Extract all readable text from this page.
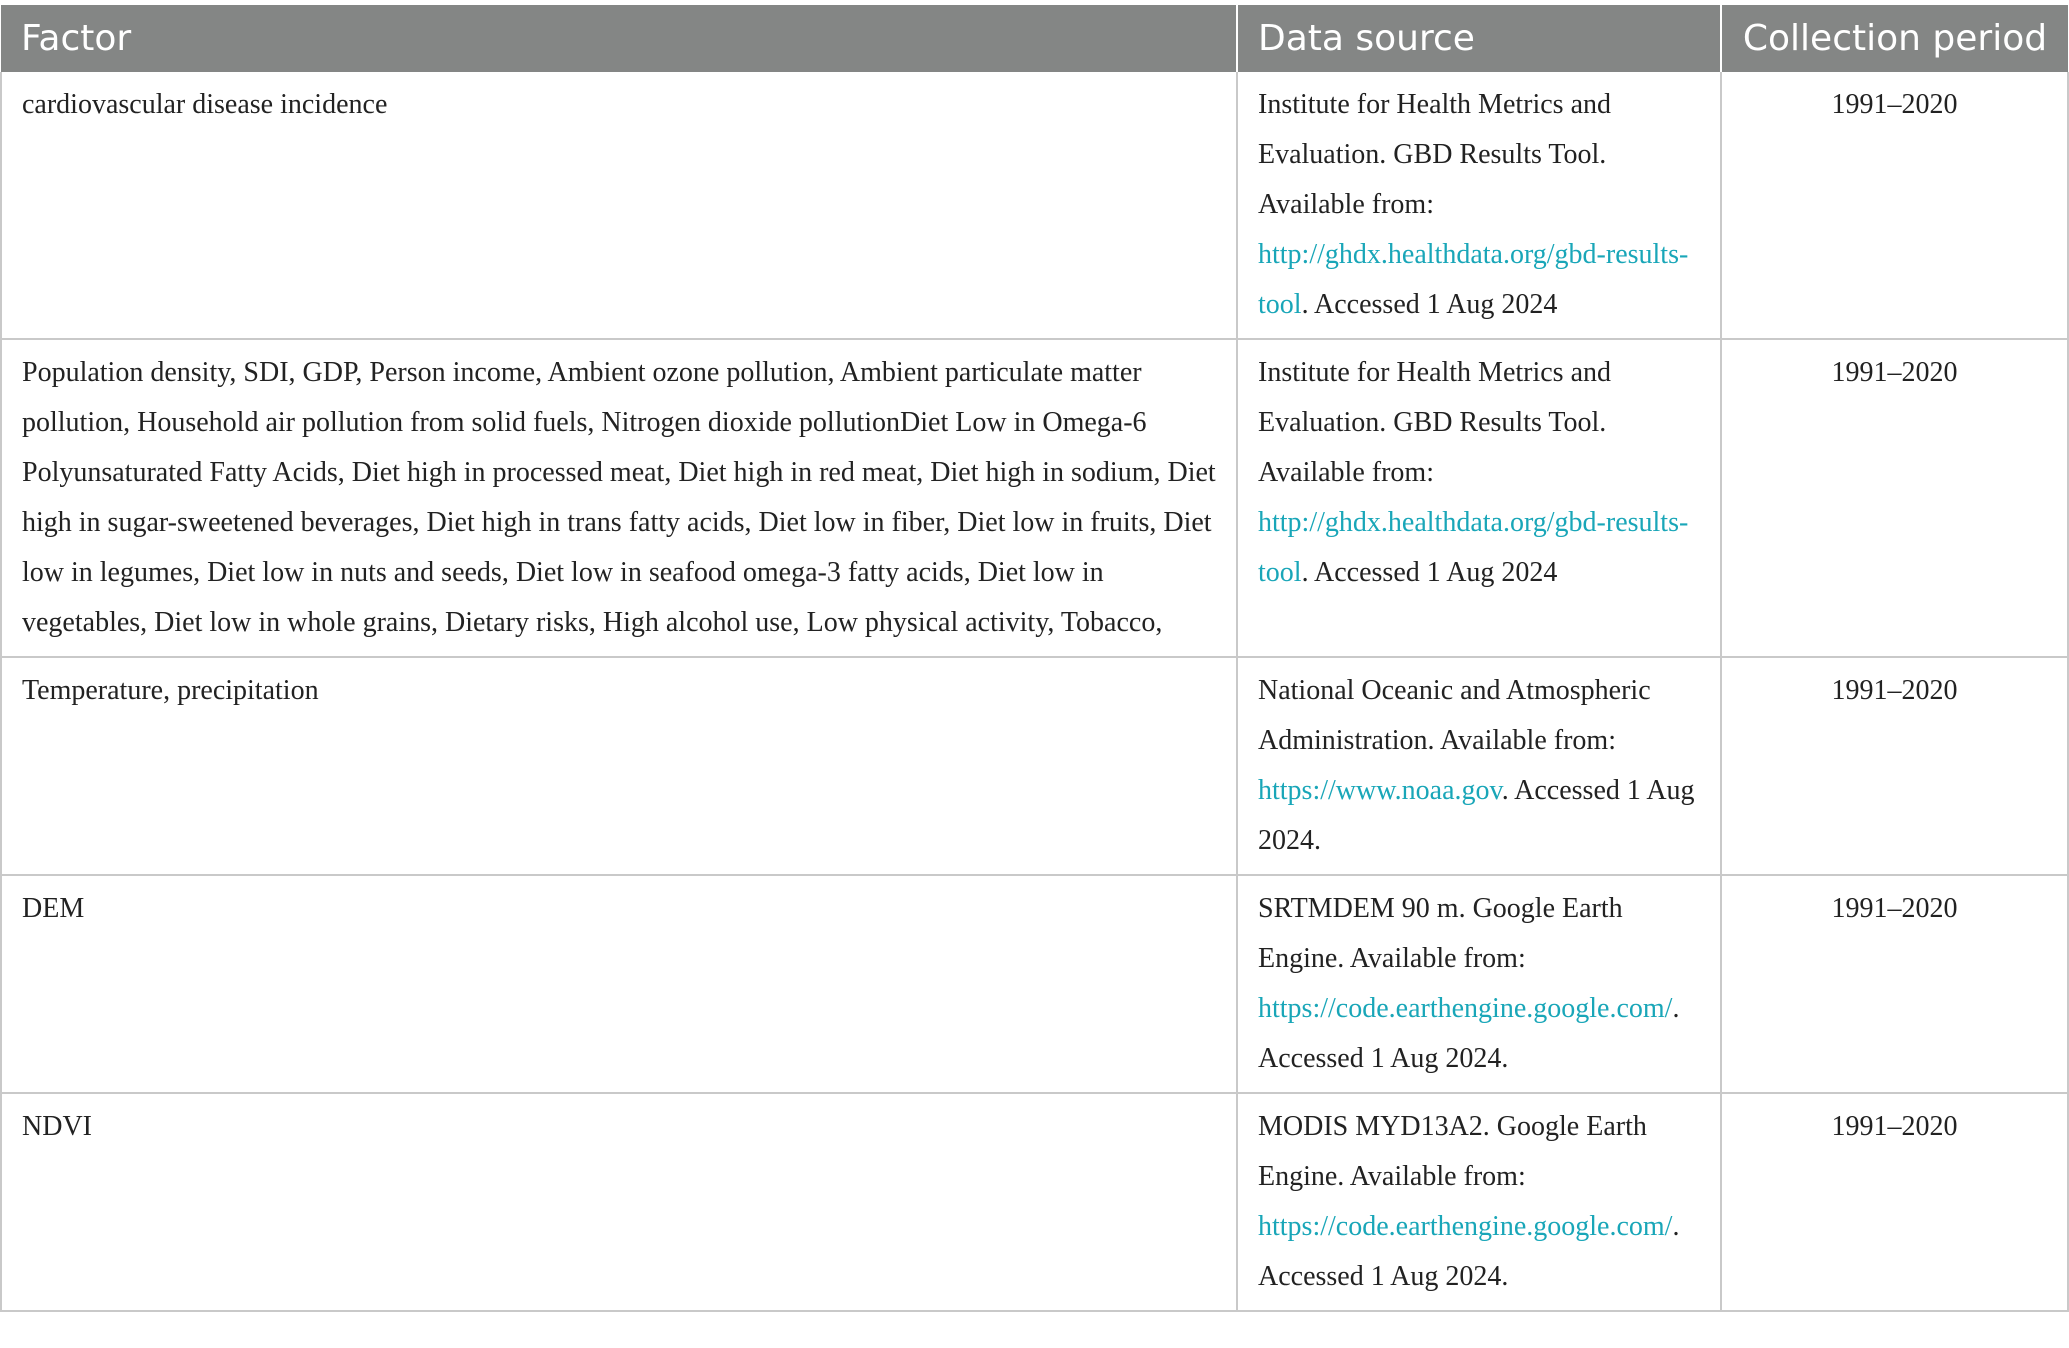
Factor	Data source	Collection period
cardiovascular disease incidence	Institute for Health Metrics and Evaluation. GBD Results Tool. Available from: http://ghdx.healthdata.org/gbd-results-tool. Accessed 1 Aug 2024	1991–2020
Population density, SDI, GDP, Person income, Ambient ozone pollution, Ambient particulate matter pollution, Household air pollution from solid fuels, Nitrogen dioxide pollutionDiet Low in Omega-6 Polyunsaturated Fatty Acids, Diet high in processed meat, Diet high in red meat, Diet high in sodium, Diet high in sugar-sweetened beverages, Diet high in trans fatty acids, Diet low in fiber, Diet low in fruits, Diet low in legumes, Diet low in nuts and seeds, Diet low in seafood omega-3 fatty acids, Diet low in vegetables, Diet low in whole grains, Dietary risks, High alcohol use, Low physical activity, Tobacco,	Institute for Health Metrics and Evaluation. GBD Results Tool. Available from: http://ghdx.healthdata.org/gbd-results-tool. Accessed 1 Aug 2024	1991–2020
Temperature, precipitation	National Oceanic and Atmospheric Administration. Available from: https://www.noaa.gov. Accessed 1 Aug 2024.	1991–2020
DEM	SRTMDEM 90 m. Google Earth Engine. Available from: https://code.earthengine.google.com/. Accessed 1 Aug 2024.	1991–2020
NDVI	MODIS MYD13A2. Google Earth Engine. Available from: https://code.earthengine.google.com/. Accessed 1 Aug 2024.	1991–2020
